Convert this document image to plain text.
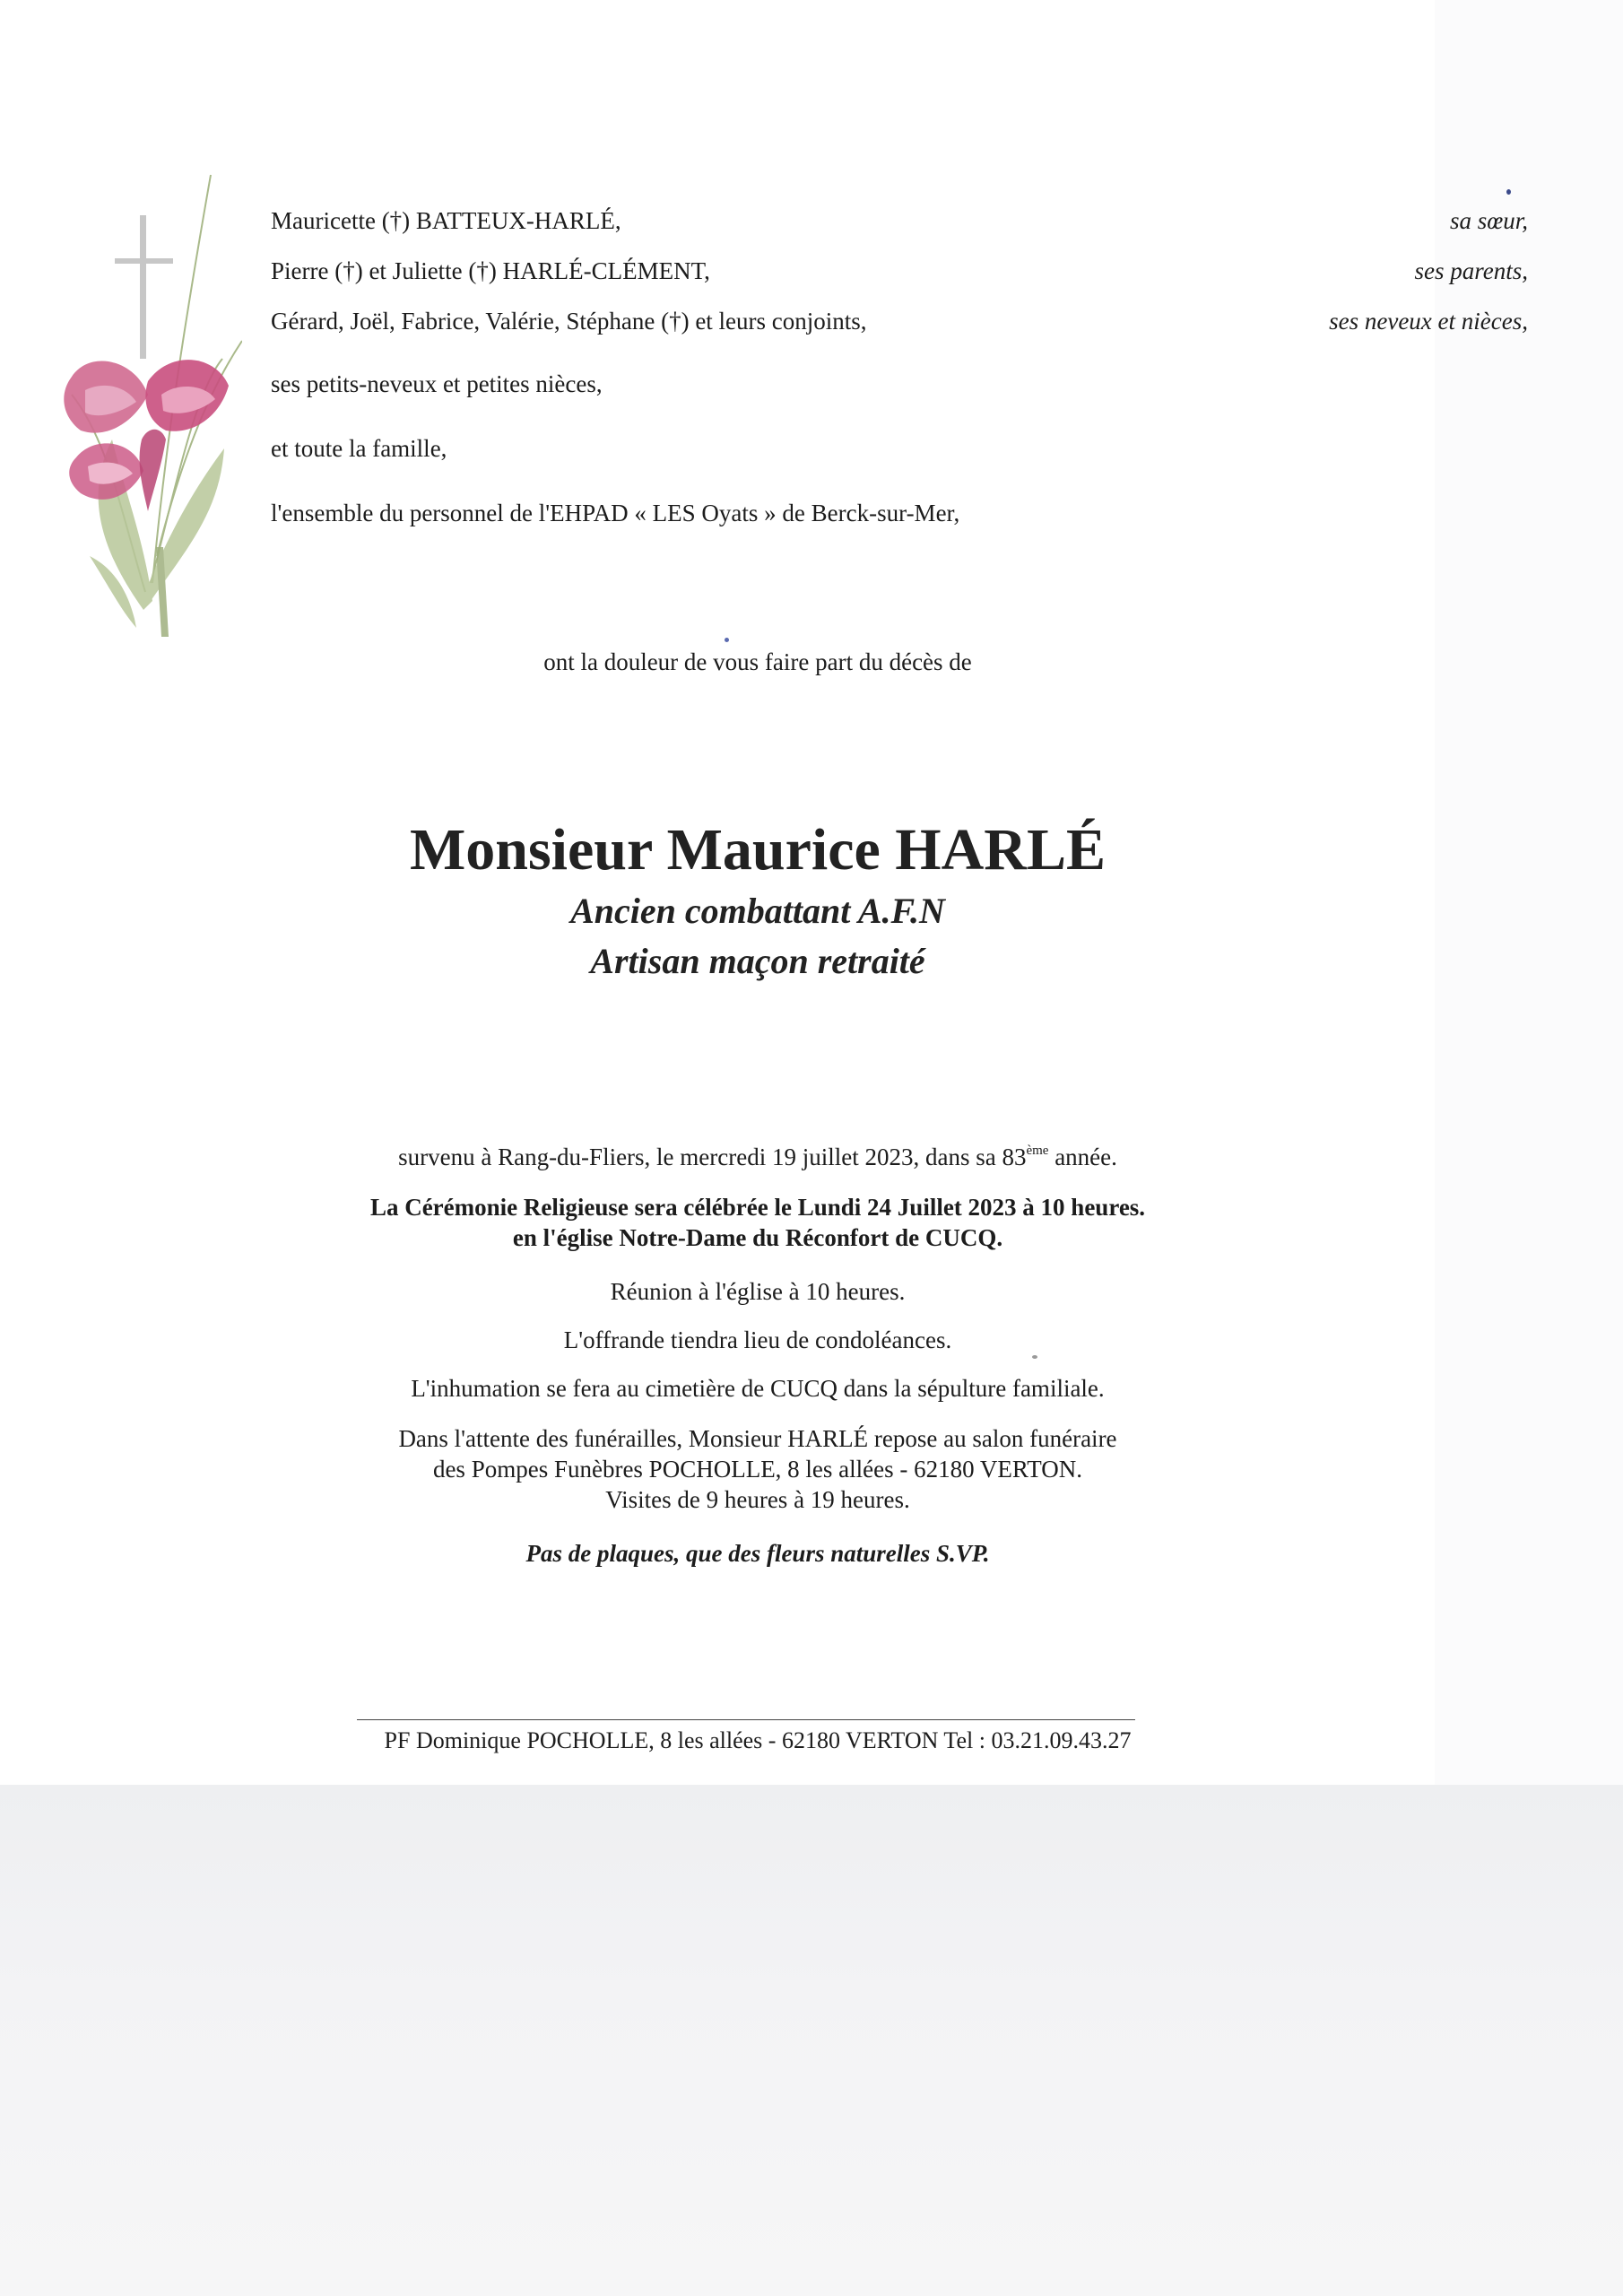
Mauricette (†) BATTEUX-HARLÉ,	sa sœur,
Pierre (†) et Juliette (†) HARLÉ-CLÉMENT,	ses parents,
Gérard, Joël, Fabrice, Valérie, Stéphane (†) et leurs conjoints,	ses neveux et nièces,
ses petits-neveux et petites nièces,
et toute la famille,
l'ensemble du personnel de l'EHPAD « LES Oyats » de Berck-sur-Mer,
ont la douleur de vous faire part du décès de
Monsieur Maurice HARLÉ
Ancien combattant A.F.N
Artisan maçon retraité
survenu à Rang-du-Fliers, le mercredi 19 juillet 2023, dans sa 83ème année.
La Cérémonie Religieuse sera célébrée le Lundi 24 Juillet 2023 à 10 heures.
en l'église Notre-Dame du Réconfort de CUCQ.
Réunion à l'église à 10 heures.
L'offrande tiendra lieu de condoléances.
L'inhumation se fera au cimetière de CUCQ dans la sépulture familiale.
Dans l'attente des funérailles, Monsieur HARLÉ repose au salon funéraire
des Pompes Funèbres POCHOLLE, 8 les allées - 62180 VERTON.
Visites de 9 heures à 19 heures.
Pas de plaques, que des fleurs naturelles S.VP.
PF Dominique POCHOLLE, 8 les allées - 62180 VERTON Tel : 03.21.09.43.27
